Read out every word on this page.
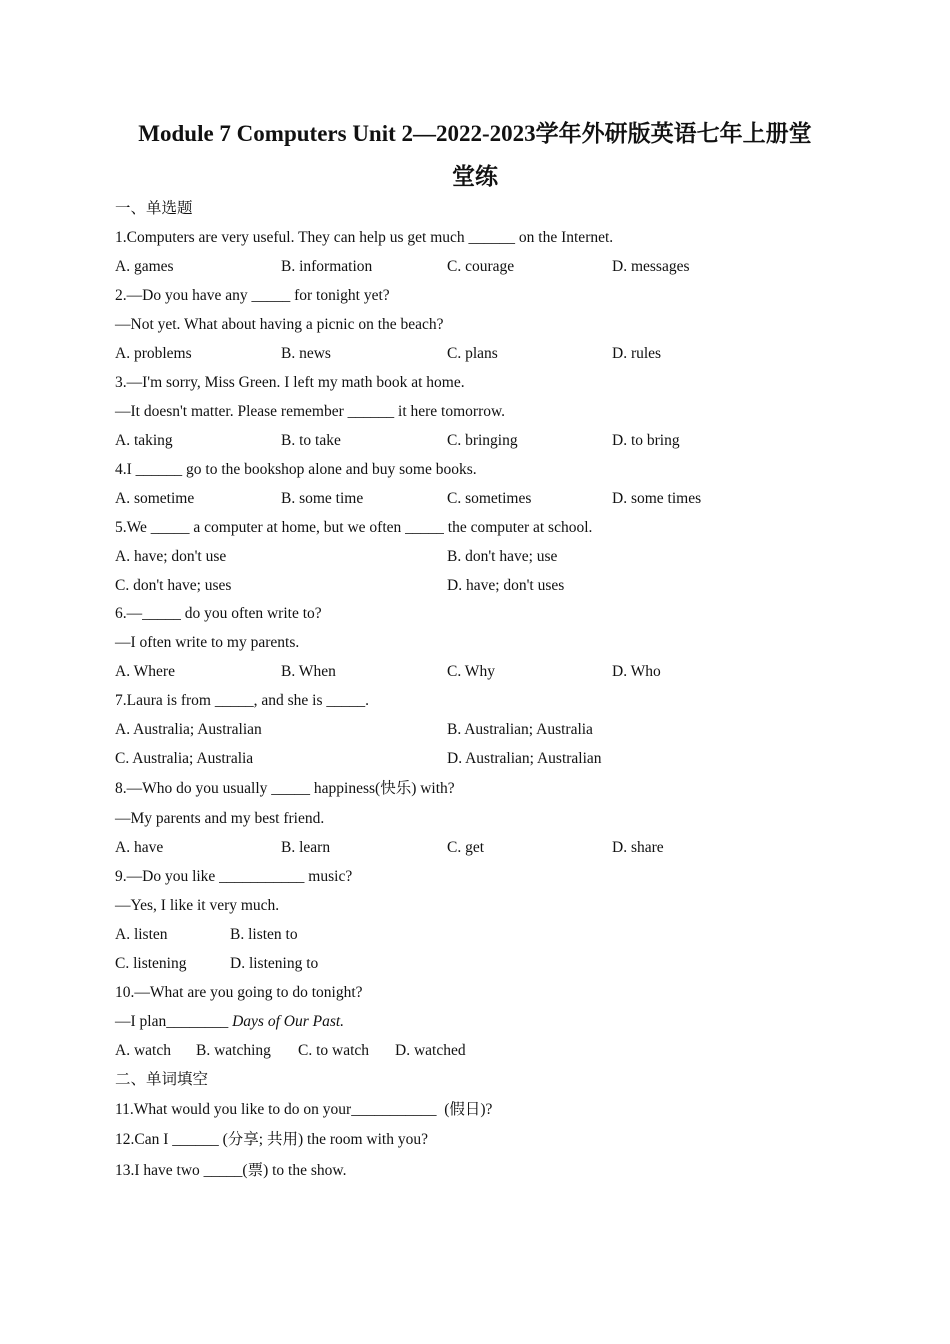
Module 7 Computers Unit 2—2022-2023学年外研版英语七年上册堂
堂练
一、单选题
1.Computers are very useful. They can help us get much ______ on the Internet.
A. games	B. information	C. courage	D. messages
2.—Do you have any _____ for tonight yet?
—Not yet. What about having a picnic on the beach?
A. problems	B. news	C. plans	D. rules
3.—I'm sorry, Miss Green. I left my math book at home.
—It doesn't matter. Please remember ______ it here tomorrow.
A. taking	B. to take	C. bringing	D. to bring
4.I ______ go to the bookshop alone and buy some books.
A. sometime	B. some time	C. sometimes	D. some times
5.We _____ a computer at home, but we often _____ the computer at school.
A. have; don't use	B. don't have; use
C. don't have; uses	D. have; don't uses
6.—_____ do you often write to?
—I often write to my parents.
A. Where	B. When	C. Why	D. Who
7.Laura is from _____, and she is _____.
A. Australia; Australian	B. Australian; Australia
C. Australia; Australia	D. Australian; Australian
8.—Who do you usually _____ happiness(快乐) with?
—My parents and my best friend.
A. have	B. learn	C. get	D. share
9.—Do you like ___________ music?
—Yes, I like it very much.
A. listen	B. listen to
C. listening	D. listening to
10.—What are you going to do tonight?
—I plan________ Days of Our Past.
A. watch B. watching C. to watch D. watched
二、单词填空
11.What would you like to do on your___________  (假日)?
12.Can I ______ (分享; 共用) the room with you?
13.I have two _____(票) to the show.
